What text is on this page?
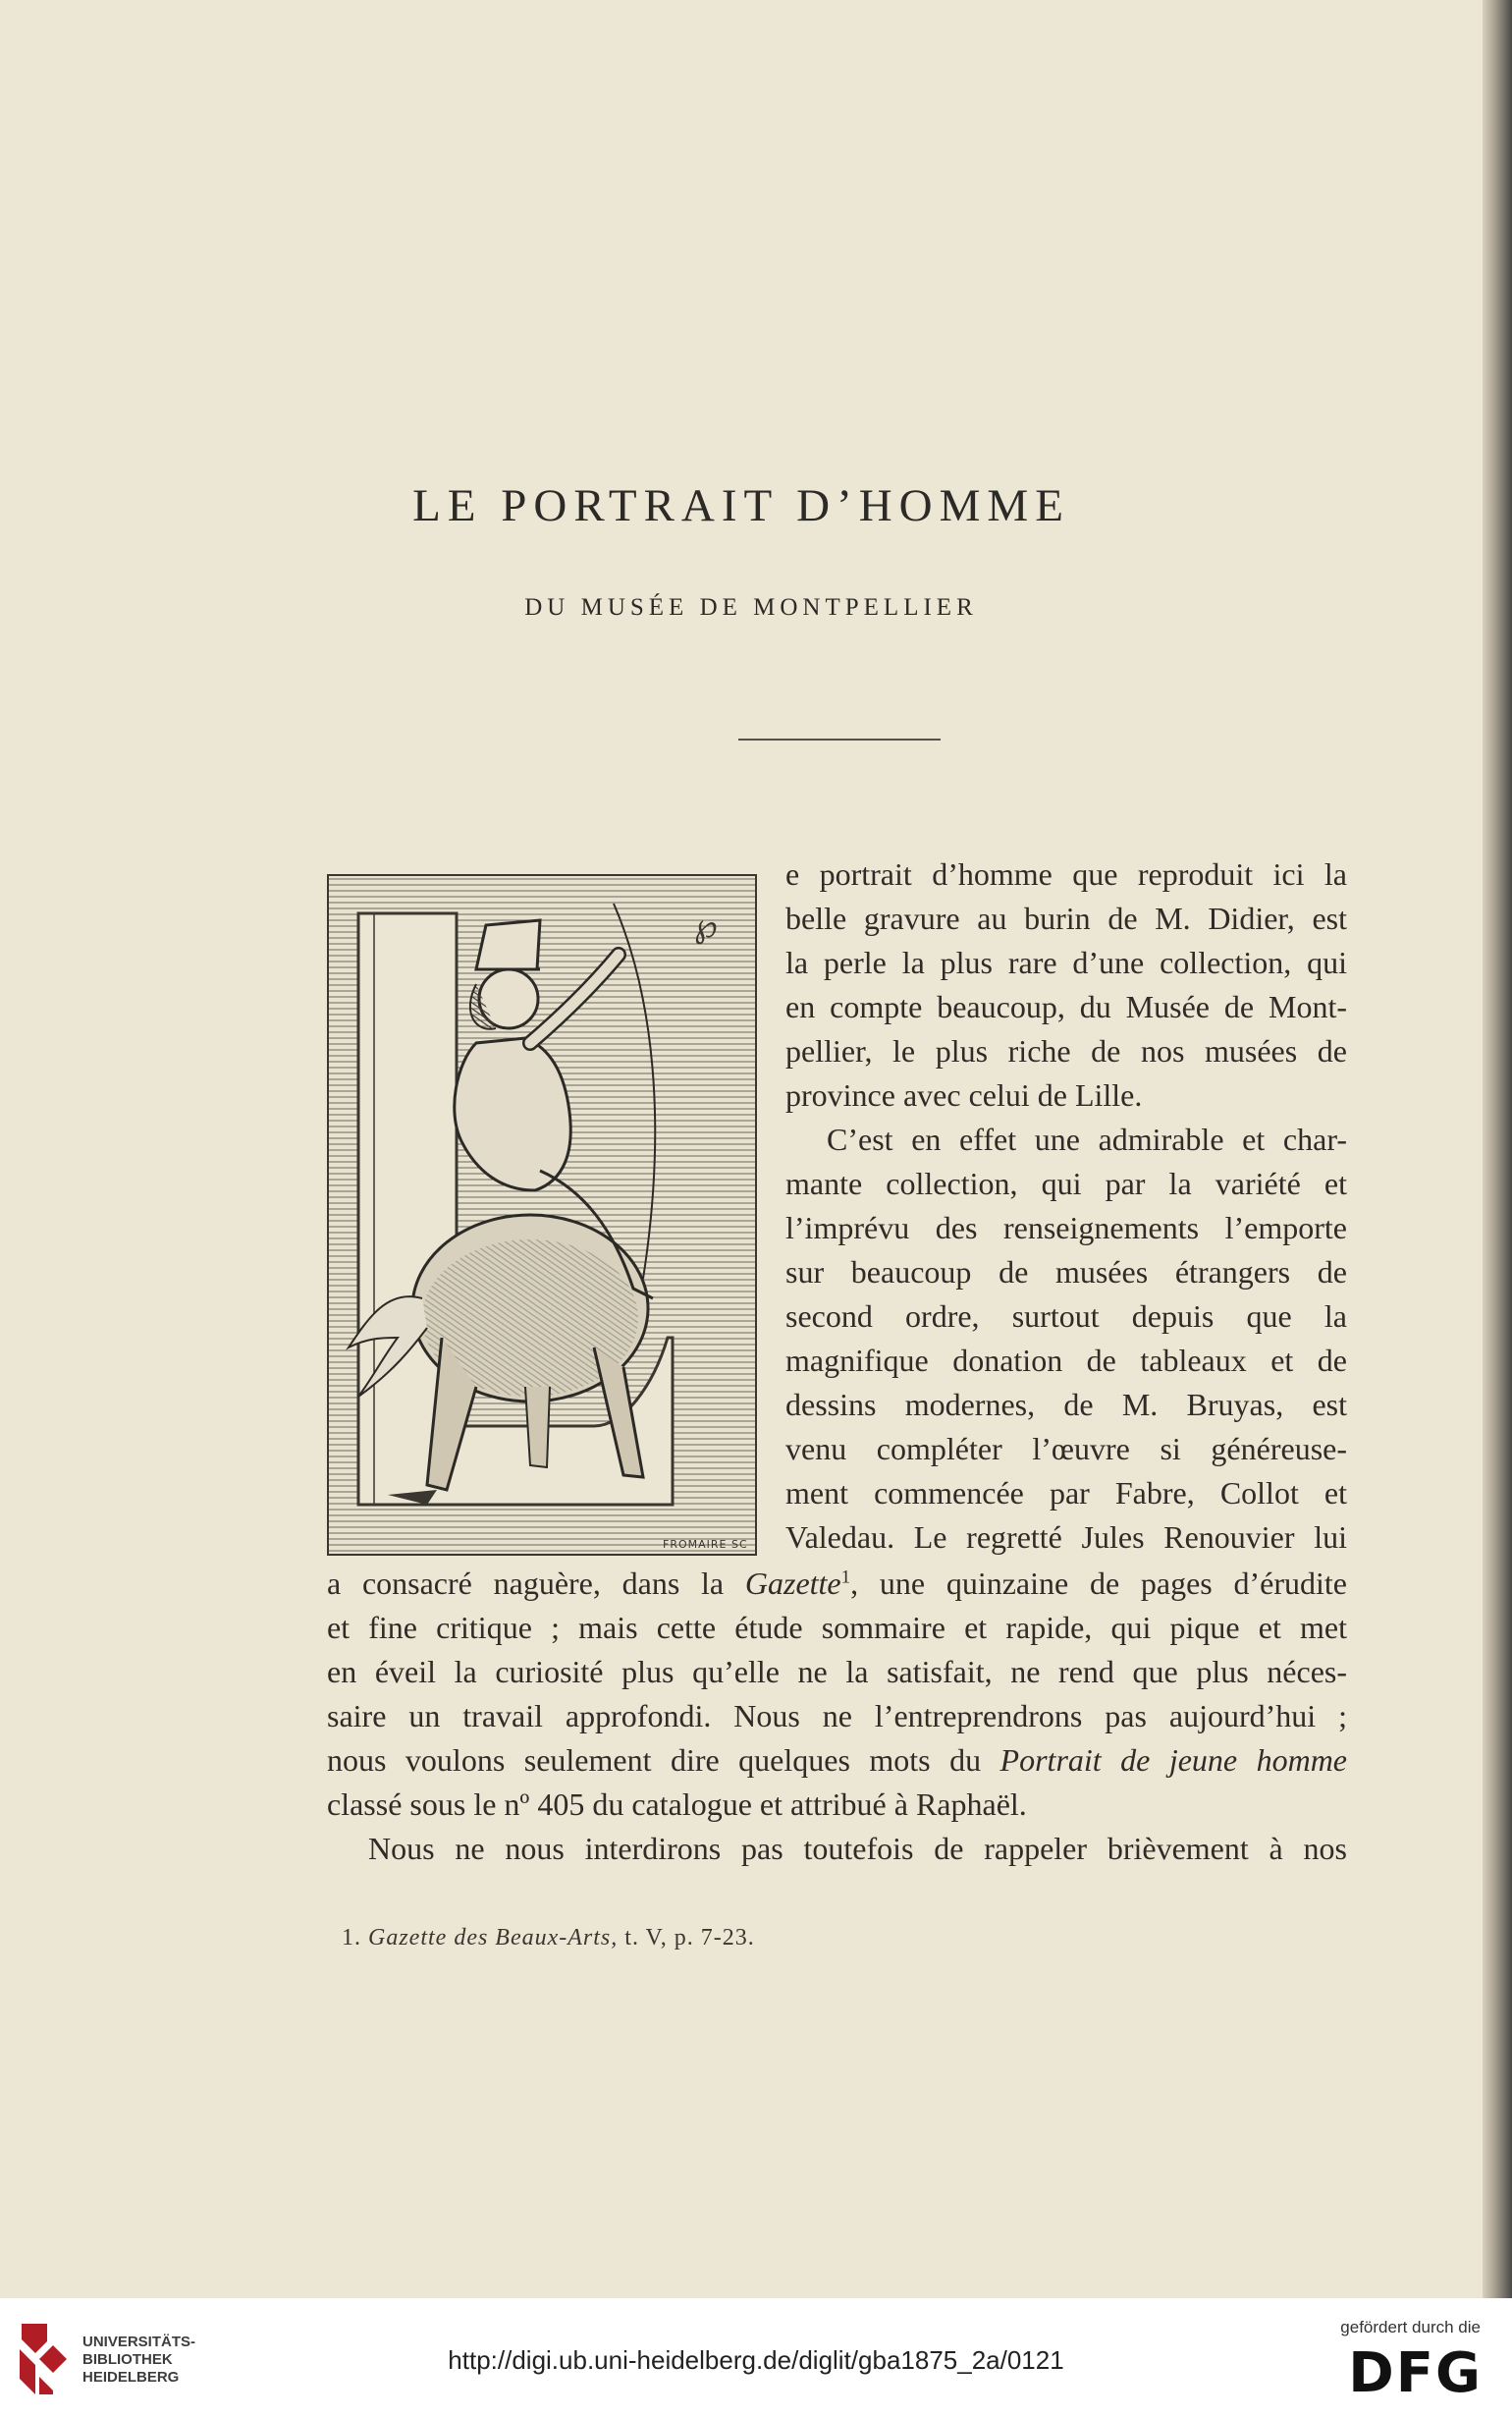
LE PORTRAIT D’HOMME
DU MUSÉE DE MONTPELLIER
℘
FROMAIRE SC
e portrait d’homme que reproduit ici la
belle gravure au burin de M. Didier, est
la perle la plus rare d’une collection, qui
en compte beaucoup, du Musée de Mont-
pellier, le plus riche de nos musées de
province avec celui de Lille.
C’est en effet une admirable et char-
mante collection, qui par la variété et
l’imprévu des renseignements l’emporte
sur beaucoup de musées étrangers de
second ordre, surtout depuis que la
magnifique donation de tableaux et de
dessins modernes, de M. Bruyas, est
venu compléter l’œuvre si généreuse-
ment commencée par Fabre, Collot et
Valedau. Le regretté Jules Renouvier lui
a consacré naguère, dans la Gazette$^1$, une quinzaine de pages d’érudite
et fine critique ; mais cette étude sommaire et rapide, qui pique et met
en éveil la curiosité plus qu’elle ne la satisfait, ne rend que plus néces-
saire un travail approfondi. Nous ne l’entreprendrons pas aujourd’hui ;
nous voulons seulement dire quelques mots du Portrait de jeune homme
classé sous le nº 405 du catalogue et attribué à Raphaël.
Nous ne nous interdirons pas toutefois de rappeler brièvement à nos
1. Gazette des Beaux-Arts, t. V, p. 7-23.
UNIVERSITÄTS-
BIBLIOTHEK
HEIDELBERG
http://digi.ub.uni-heidelberg.de/diglit/gba1875_2a/0121
gefördert durch die
DFG
